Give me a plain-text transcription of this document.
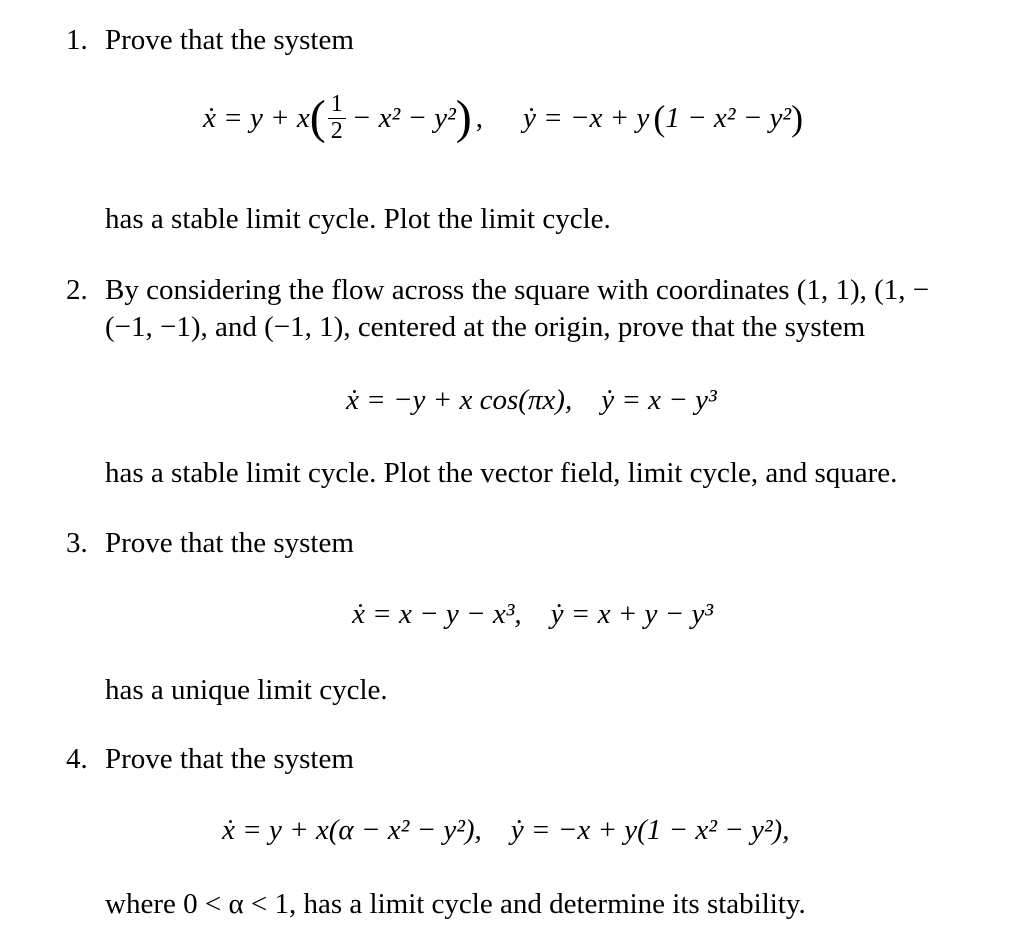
1. Prove that the system
ẋ = y + x ( $\frac{1}{2} - x^2 - y^2$ ) , ẏ = −x + y ( 1 − x² − y² )
has a stable limit cycle. Plot the limit cycle.
2. By considering the flow across the square with coordinates (1, 1), (1, −
(−1, −1), and (−1, 1), centered at the origin, prove that the system
ẋ = −y + x cos(πx),    ẏ = x − y³
has a stable limit cycle. Plot the vector field, limit cycle, and square.
3. Prove that the system
ẋ = x − y − x³,    ẏ = x + y − y³
has a unique limit cycle.
4. Prove that the system
ẋ = y + x(α − x² − y²),    ẏ = −x + y(1 − x² − y²),
where 0 < α < 1, has a limit cycle and determine its stability.
